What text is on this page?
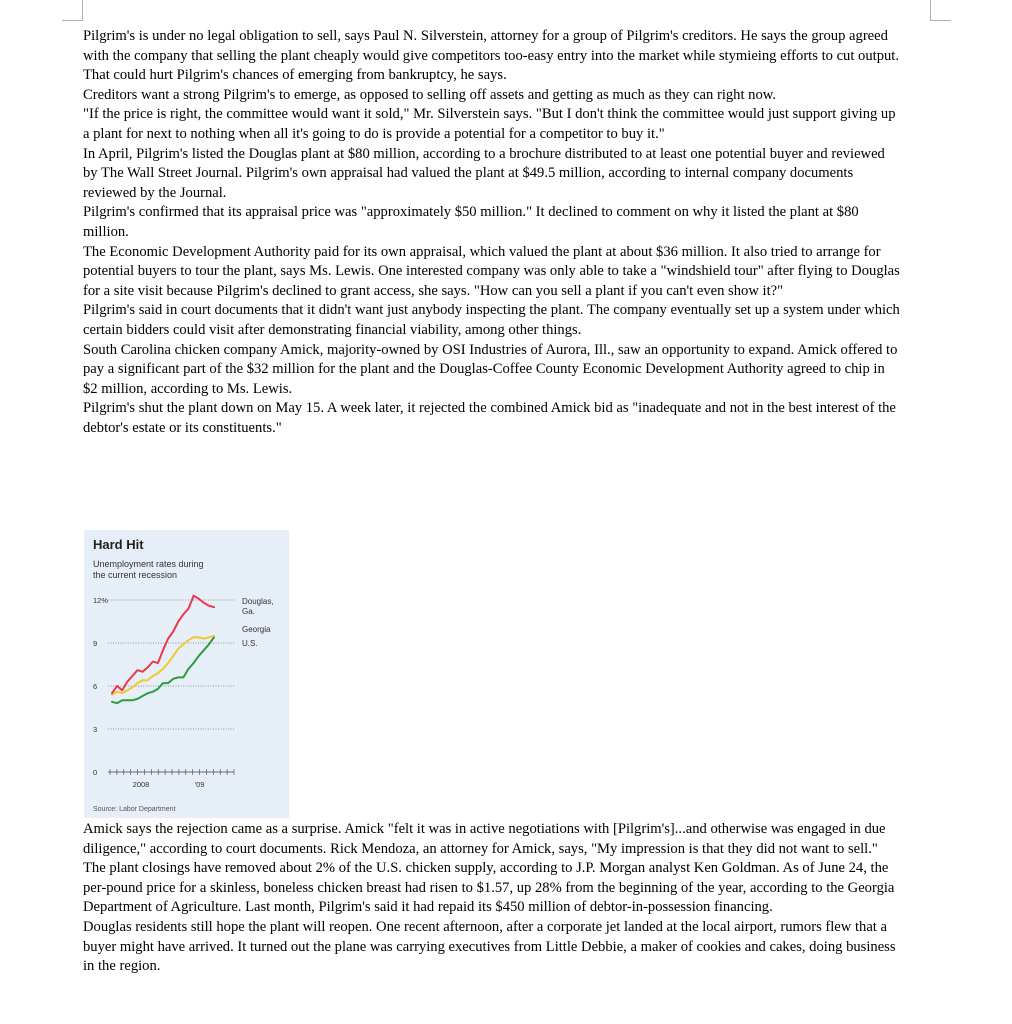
Pilgrim's is under no legal obligation to sell, says Paul N. Silverstein, attorney for a group of Pilgrim's creditors. He says the group agreed with the company that selling the plant cheaply would give competitors too-easy entry into the market while stymieing efforts to cut output. That could hurt Pilgrim's chances of emerging from bankruptcy, he says.

Creditors want a strong Pilgrim's to emerge, as opposed to selling off assets and getting as much as they can right now.

"If the price is right, the committee would want it sold," Mr. Silverstein says. "But I don't think the committee would just support giving up a plant for next to nothing when all it's going to do is provide a potential for a competitor to buy it."

In April, Pilgrim's listed the Douglas plant at $80 million, according to a brochure distributed to at least one potential buyer and reviewed by The Wall Street Journal. Pilgrim's own appraisal had valued the plant at $49.5 million, according to internal company documents reviewed by the Journal.

Pilgrim's confirmed that its appraisal price was "approximately $50 million." It declined to comment on why it listed the plant at $80 million.

The Economic Development Authority paid for its own appraisal, which valued the plant at about $36 million. It also tried to arrange for potential buyers to tour the plant, says Ms. Lewis. One interested company was only able to take a "windshield tour" after flying to Douglas for a site visit because Pilgrim's declined to grant access, she says. "How can you sell a plant if you can't even show it?"

Pilgrim's said in court documents that it didn't want just anybody inspecting the plant. The company eventually set up a system under which certain bidders could visit after demonstrating financial viability, among other things.

South Carolina chicken company Amick, majority-owned by OSI Industries of Aurora, Ill., saw an opportunity to expand. Amick offered to pay a significant part of the $32 million for the plant and the Douglas-Coffee County Economic Development Authority agreed to chip in $2 million, according to Ms. Lewis.

Pilgrim's shut the plant down on May 15. A week later, it rejected the combined Amick bid as "inadequate and not in the best interest of the debtor's estate or its constituents."

Hard Hit
Unemployment rates during
the current recession
0
3
6
9
12%
2008	'09
Douglas, Ga.
Georgia
U.S.
Source: Labor Department

Amick says the rejection came as a surprise. Amick "felt it was in active negotiations with [Pilgrim's]...and otherwise was engaged in due diligence," according to court documents. Rick Mendoza, an attorney for Amick, says, "My impression is that they did not want to sell."

The plant closings have removed about 2% of the U.S. chicken supply, according to J.P. Morgan analyst Ken Goldman. As of June 24, the per-pound price for a skinless, boneless chicken breast had risen to $1.57, up 28% from the beginning of the year, according to the Georgia Department of Agriculture. Last month, Pilgrim's said it had repaid its $450 million of debtor-in-possession financing.

Douglas residents still hope the plant will reopen. One recent afternoon, after a corporate jet landed at the local airport, rumors flew that a buyer might have arrived. It turned out the plane was carrying executives from Little Debbie, a maker of cookies and cakes, doing business in the region.
